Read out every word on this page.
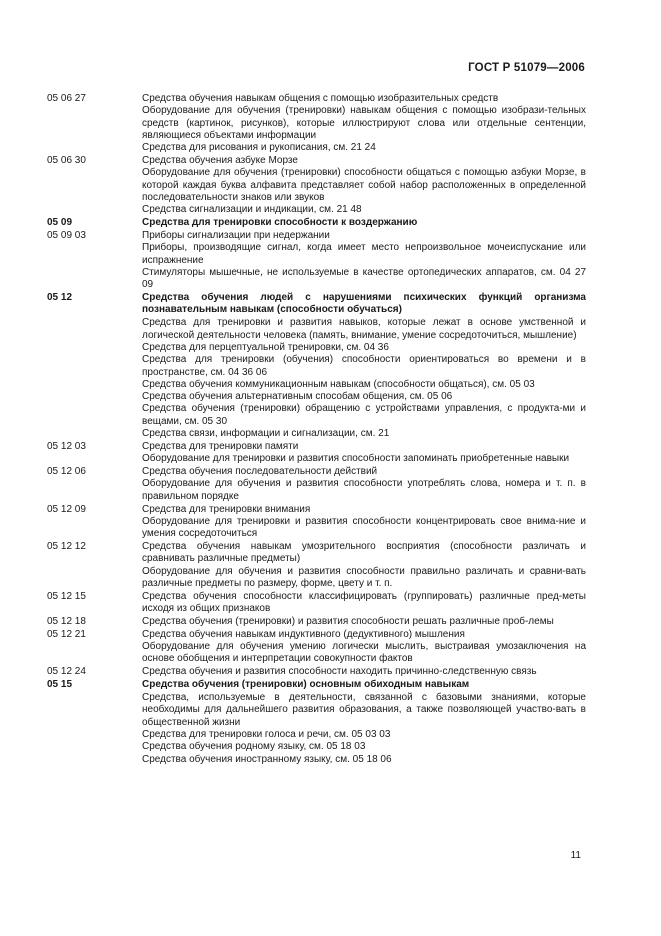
ГОСТ Р 51079—2006
05 06 27	Средства обучения навыкам общения с помощью изобразительных средств
Оборудование для обучения (тренировки) навыкам общения с помощью изобрази-тельных средств (картинок, рисунков), которые иллюстрируют слова или отдельные сентенции, являющиеся объектами информации
Средства для рисования и рукописания, см. 21 24
05 06 30	Средства обучения азбуке Морзе
Оборудование для обучения (тренировки) способности общаться с помощью азбуки Морзе, в которой каждая буква алфавита представляет собой набор расположенных в определенной последовательности знаков или звуков
Средства сигнализации и индикации, см. 21 48
05 09	Средства для тренировки способности к воздержанию
05 09 03	Приборы сигнализации при недержании
Приборы, производящие сигнал, когда имеет место непроизвольное мочеиспускание или испражнение
Стимуляторы мышечные, не используемые в качестве ортопедических аппаратов, см. 04 27 09
05 12	Средства обучения людей с нарушениями психических функций организма познавательным навыкам (способности обучаться)
Средства для тренировки и развития навыков, которые лежат в основе умственной и логической деятельности человека (память, внимание, умение сосредоточиться, мышление)
Средства для перцептуальной тренировки, см. 04 36
Средства для тренировки (обучения) способности ориентироваться во времени и в пространстве, см. 04 36 06
Средства обучения коммуникационным навыкам (способности общаться), см. 05 03
Средства обучения альтернативным способам общения, см. 05 06
Средства обучения (тренировки) обращению с устройствами управления, с продукта-ми и вещами, см. 05 30
Средства связи, информации и сигнализации, см. 21
05 12 03	Средства для тренировки памяти
Оборудование для тренировки и развития способности запоминать приобретенные навыки
05 12 06	Средства обучения последовательности действий
Оборудование для обучения и развития способности употреблять слова, номера и т. п. в правильном порядке
05 12 09	Средства для тренировки внимания
Оборудование для тренировки и развития способности концентрировать свое внима-ние и умения сосредоточиться
05 12 12	Средства обучения навыкам умозрительного восприятия (способности различать и сравнивать различные предметы)
Оборудование для обучения и развития способности правильно различать и сравни-вать различные предметы по размеру, форме, цвету и т. п.
05 12 15	Средства обучения способности классифицировать (группировать) различные пред-меты исходя из общих признаков
05 12 18	Средства обучения (тренировки) и развития способности решать различные проб-лемы
05 12 21	Средства обучения навыкам индуктивного (дедуктивного) мышления
Оборудование для обучения умению логически мыслить, выстраивая умозаключения на основе обобщения и интерпретации совокупности фактов
05 12 24	Средства обучения и развития способности находить причинно-следственную связь
05 15	Средства обучения (тренировки) основным обиходным навыкам
Средства, используемые в деятельности, связанной с базовыми знаниями, которые необходимы для дальнейшего развития образования, а также позволяющей участво-вать в общественной жизни
Средства для тренировки голоса и речи, см. 05 03 03
Средства обучения родному языку, см. 05 18 03
Средства обучения иностранному языку, см. 05 18 06
11
